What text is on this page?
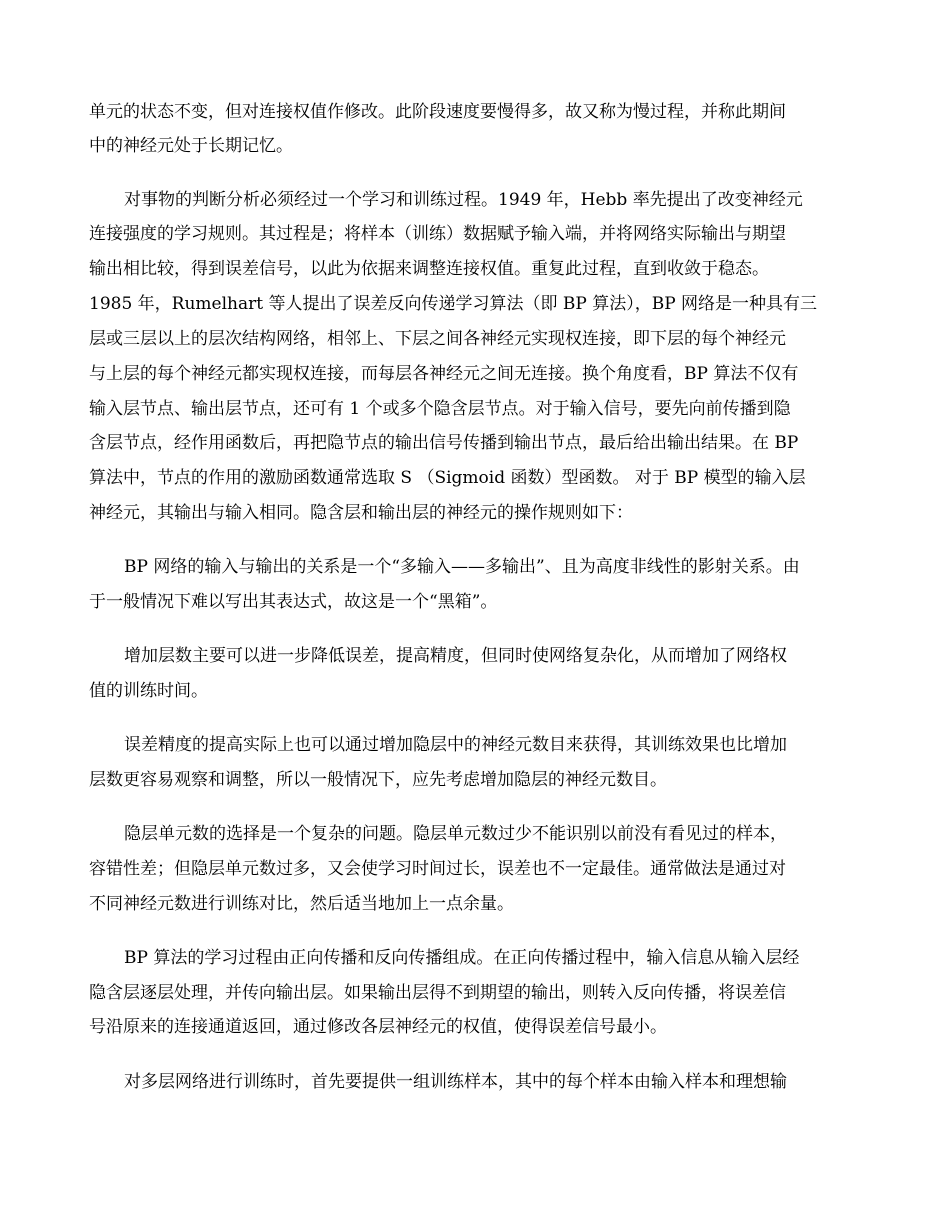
单元的状态不变，但对连接权值作修改。此阶段速度要慢得多，故又称为慢过程，并称此期间
中的神经元处于长期记忆。
对事物的判断分析必须经过一个学习和训练过程。1949 年，Hebb 率先提出了改变神经元
连接强度的学习规则。其过程是；将样本（训练）数据赋予输入端，并将网络实际输出与期望
输出相比较，得到误差信号，以此为依据来调整连接权值。重复此过程，直到收敛于稳态。
1985 年，Rumelhart 等人提出了误差反向传递学习算法（即 BP 算法），BP 网络是一种具有三
层或三层以上的层次结构网络，相邻上、下层之间各神经元实现权连接，即下层的每个神经元
与上层的每个神经元都实现权连接，而每层各神经元之间无连接。换个角度看，BP 算法不仅有
输入层节点、输出层节点，还可有 1 个或多个隐含层节点。对于输入信号，要先向前传播到隐
含层节点，经作用函数后，再把隐节点的输出信号传播到输出节点，最后给出输出结果。在 BP
算法中，节点的作用的激励函数通常选取 S （Sigmoid 函数）型函数。 对于 BP 模型的输入层
神经元，其输出与输入相同。隐含层和输出层的神经元的操作规则如下：
BP 网络的输入与输出的关系是一个“多输入——多输出”、且为高度非线性的影射关系。由
于一般情况下难以写出其表达式，故这是一个“黑箱”。
增加层数主要可以进一步降低误差，提高精度，但同时使网络复杂化，从而增加了网络权
值的训练时间。
误差精度的提高实际上也可以通过增加隐层中的神经元数目来获得，其训练效果也比增加
层数更容易观察和调整，所以一般情况下，应先考虑增加隐层的神经元数目。
隐层单元数的选择是一个复杂的问题。隐层单元数过少不能识别以前没有看见过的样本，
容错性差；但隐层单元数过多，又会使学习时间过长，误差也不一定最佳。通常做法是通过对
不同神经元数进行训练对比，然后适当地加上一点余量。
BP 算法的学习过程由正向传播和反向传播组成。在正向传播过程中，输入信息从输入层经
隐含层逐层处理，并传向输出层。如果输出层得不到期望的输出，则转入反向传播，将误差信
号沿原来的连接通道返回，通过修改各层神经元的权值，使得误差信号最小。
对多层网络进行训练时，首先要提供一组训练样本，其中的每个样本由输入样本和理想输
